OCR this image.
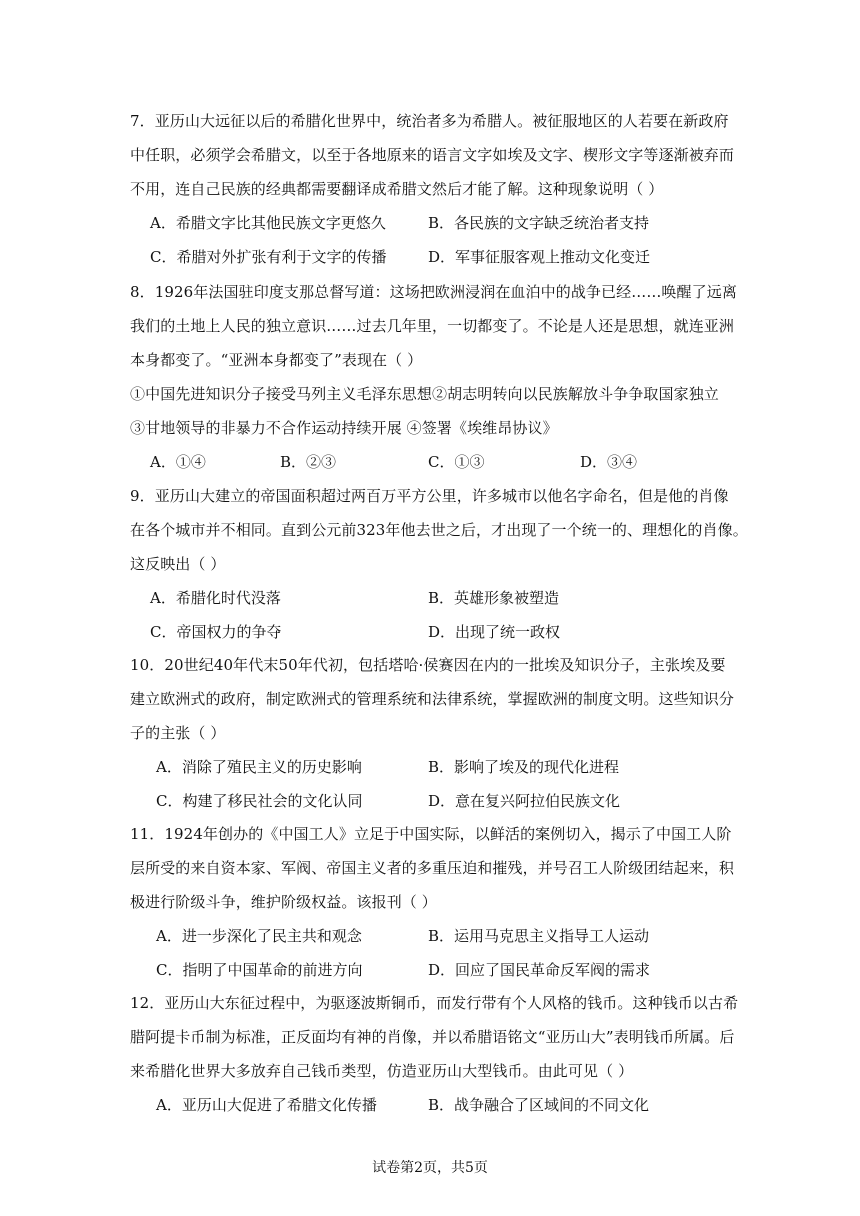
7．亚历山大远征以后的希腊化世界中，统治者多为希腊人。被征服地区的人若要在新政府
中任职，必须学会希腊文，以至于各地原来的语言文字如埃及文字、楔形文字等逐渐被弃而
不用，连自己民族的经典都需要翻译成希腊文然后才能了解。这种现象说明（ ）
A．希腊文字比其他民族文字更悠久	B．各民族的文字缺乏统治者支持
C．希腊对外扩张有利于文字的传播	D．军事征服客观上推动文化变迁
8．1926年法国驻印度支那总督写道：这场把欧洲浸润在血泊中的战争已经……唤醒了远离
我们的土地上人民的独立意识……过去几年里，一切都变了。不论是人还是思想，就连亚洲
本身都变了。“亚洲本身都变了”表现在（ ）
①中国先进知识分子接受马列主义毛泽东思想②胡志明转向以民族解放斗争争取国家独立
③甘地领导的非暴力不合作运动持续开展 ④签署《埃维昂协议》
A．①④	B．②③	C．①③	D．③④
9．亚历山大建立的帝国面积超过两百万平方公里，许多城市以他名字命名，但是他的肖像
在各个城市并不相同。直到公元前323年他去世之后，才出现了一个统一的、理想化的肖像。
这反映出（ ）
A．希腊化时代没落	B．英雄形象被塑造
C．帝国权力的争夺	D．出现了统一政权
10．20世纪40年代末50年代初，包括塔哈·侯赛因在内的一批埃及知识分子，主张埃及要
建立欧洲式的政府，制定欧洲式的管理系统和法律系统，掌握欧洲的制度文明。这些知识分
子的主张（ ）
A．消除了殖民主义的历史影响	B．影响了埃及的现代化进程
C．构建了移民社会的文化认同	D．意在复兴阿拉伯民族文化
11．1924年创办的《中国工人》立足于中国实际，以鲜活的案例切入，揭示了中国工人阶
层所受的来自资本家、军阀、帝国主义者的多重压迫和摧残，并号召工人阶级团结起来，积
极进行阶级斗争，维护阶级权益。该报刊（ ）
A．进一步深化了民主共和观念	B．运用马克思主义指导工人运动
C．指明了中国革命的前进方向	D．回应了国民革命反军阀的需求
12．亚历山大东征过程中，为驱逐波斯铜币，而发行带有个人风格的钱币。这种钱币以古希
腊阿提卡币制为标准，正反面均有神的肖像，并以希腊语铭文“亚历山大”表明钱币所属。后
来希腊化世界大多放弃自己钱币类型，仿造亚历山大型钱币。由此可见（ ）
A．亚历山大促进了希腊文化传播	B．战争融合了区域间的不同文化
试卷第2页，共5页
